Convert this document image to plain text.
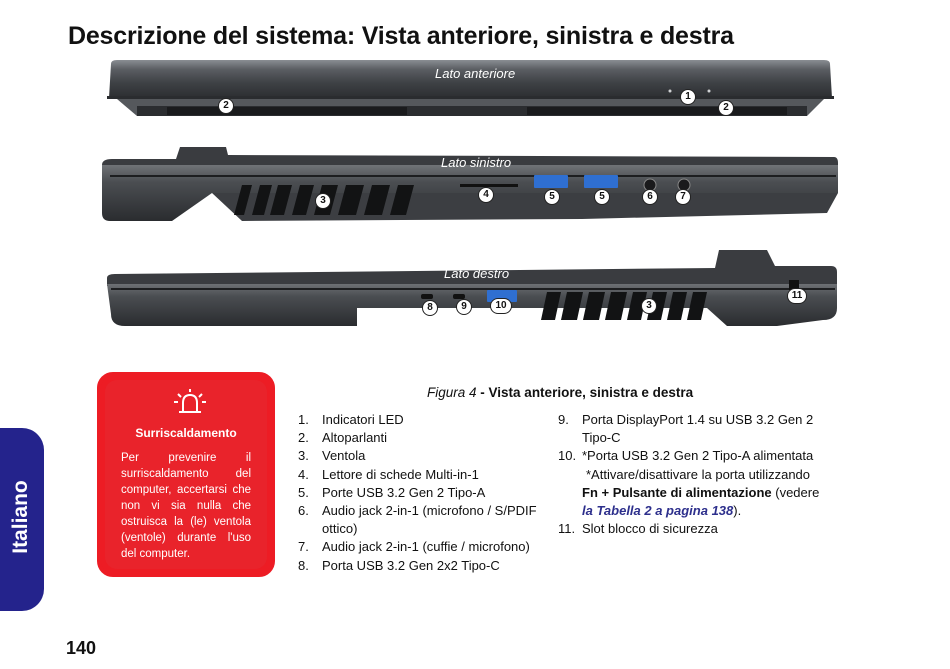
Descrizione del sistema: Vista anteriore, sinistra e destra
Lato anteriore
1
2	2
Lato sinistro
3
4	5	5	6	7
Lato destro
8	9	10	3
11
Surriscaldamento
Per prevenire il surriscaldamento del computer, accertarsi che non vi sia nulla che ostruisca la (le) ventola (ventole) durante l'uso del computer.
Figura 4 - Vista anteriore, sinistra e destra
1. Indicatori LED
2. Altoparlanti
3. Ventola
4. Lettore di schede Multi-in-1
5. Porte USB 3.2 Gen 2 Tipo-A
6. Audio jack 2-in-1 (microfono / S/PDIF ottico)
7. Audio jack 2-in-1 (cuffie / microfono)
8. Porta USB 3.2 Gen 2x2 Tipo-C
9. Porta DisplayPort 1.4 su USB 3.2 Gen 2 Tipo-C
10. *Porta USB 3.2 Gen 2 Tipo-A alimentata
*Attivare/disattivare la porta utilizzando
Fn + Pulsante di alimentazione (vedere
la Tabella 2 a pagina 138).
11. Slot blocco di sicurezza
Italiano
140
